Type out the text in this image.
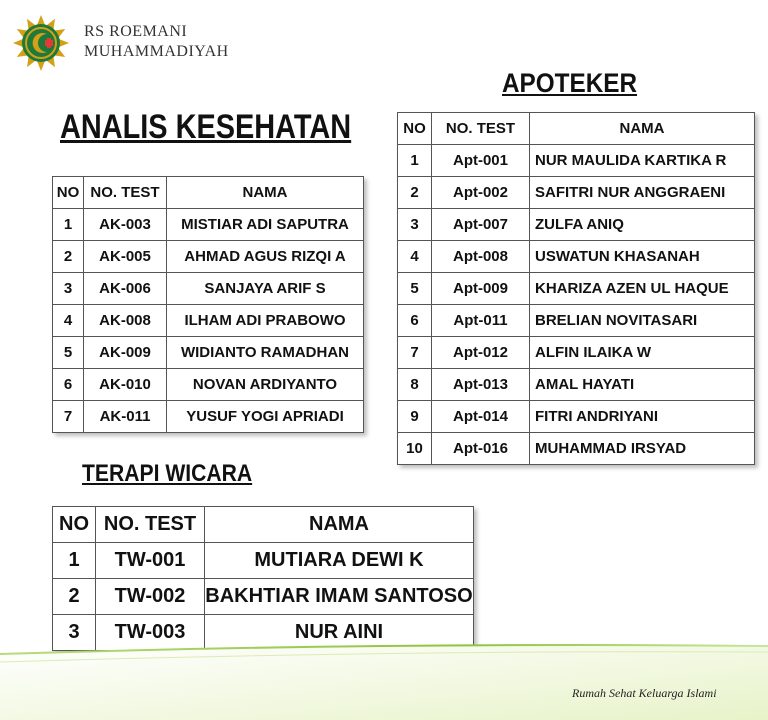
RS ROEMANI
MUHAMMADIYAH
ANALIS KESEHATAN
APOTEKER
TERAPI WICARA
NO	NO. TEST	NAMA
1	AK-003	MISTIAR ADI SAPUTRA
2	AK-005	AHMAD AGUS RIZQI A
3	AK-006	SANJAYA ARIF S
4	AK-008	ILHAM ADI PRABOWO
5	AK-009	WIDIANTO RAMADHAN
6	AK-010	NOVAN ARDIYANTO
7	AK-011	YUSUF YOGI APRIADI
NO	NO. TEST	NAMA
1	Apt-001	NUR MAULIDA KARTIKA R
2	Apt-002	SAFITRI NUR ANGGRAENI
3	Apt-007	ZULFA ANIQ
4	Apt-008	USWATUN KHASANAH
5	Apt-009	KHARIZA AZEN UL HAQUE
6	Apt-011	BRELIAN NOVITASARI
7	Apt-012	ALFIN ILAIKA W
8	Apt-013	AMAL HAYATI
9	Apt-014	FITRI ANDRIYANI
10	Apt-016	MUHAMMAD IRSYAD
NO	NO. TEST	NAMA
1	TW-001	MUTIARA DEWI K
2	TW-002	BAKHTIAR IMAM SANTOSO
3	TW-003	NUR AINI
Rumah Sehat Keluarga Islami
